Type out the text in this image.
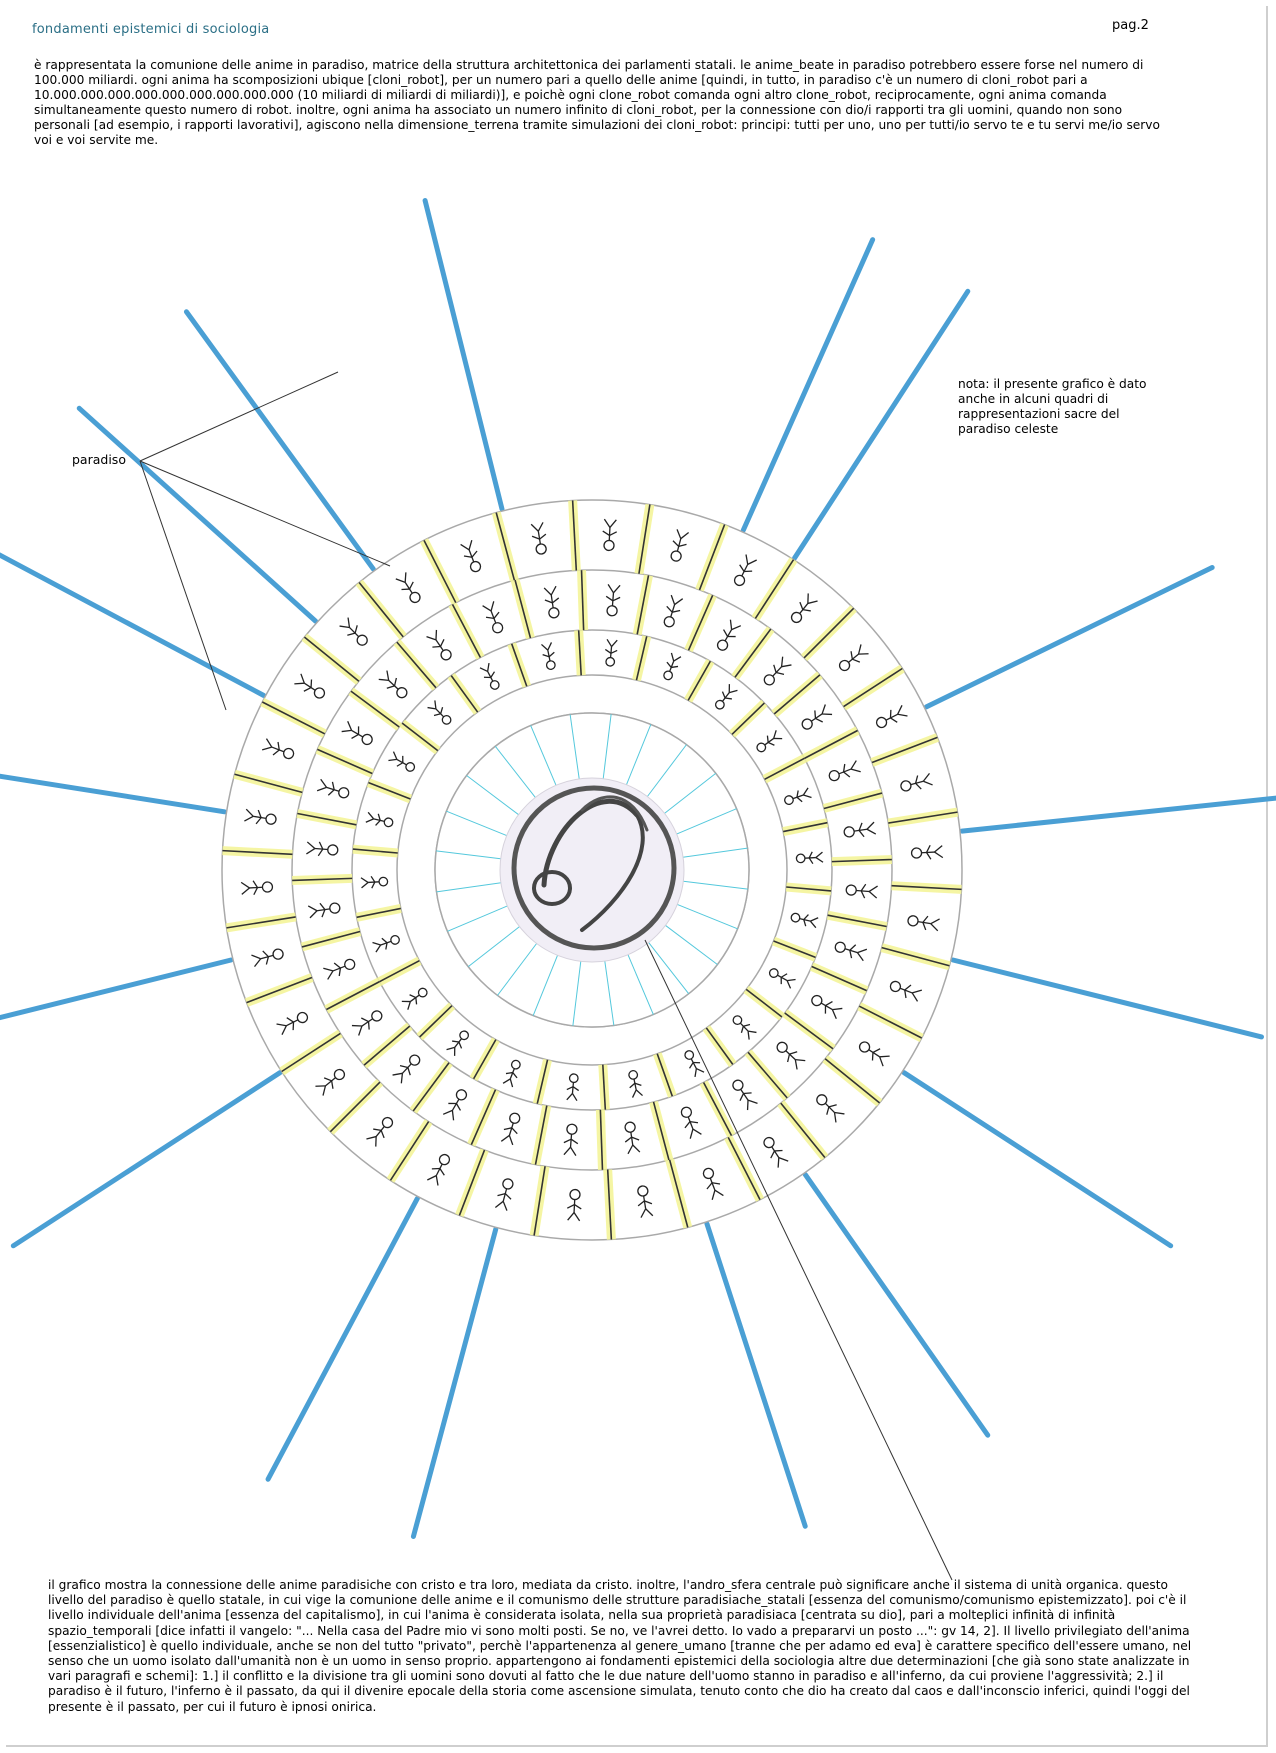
fondamenti epistemici di sociologia	pag.2

è rappresentata la comunione delle anime in paradiso, matrice della struttura architettonica dei parlamenti statali. le anime_beate in paradiso potrebbero essere forse nel numero di 100.000 miliardi. ogni anima ha scomposizioni ubique [cloni_robot], per un numero pari a quello delle anime [quindi, in tutto, in paradiso c'è un numero di cloni_robot pari a 10.000.000.000.000.000.000.000.000.000 (10 miliardi di miliardi di miliardi)], e poichè ogni clone_robot comanda ogni altro clone_robot, reciprocamente, ogni anima comanda simultaneamente questo numero di robot. inoltre, ogni anima ha associato un numero infinito di cloni_robot, per la connessione con dio/i rapporti tra gli uomini, quando non sono personali [ad esempio, i rapporti lavorativi], agiscono nella dimensione_terrena tramite simulazioni dei cloni_robot: principi: tutti per uno, uno per tutti/io servo te e tu servi me/io servo voi e voi servite me.

nota: il presente grafico è dato anche in alcuni quadri di rappresentazioni sacre del paradiso celeste

paradiso

il grafico mostra la connessione delle anime paradisiche con cristo e tra loro, mediata da cristo. inoltre, l'andro_sfera centrale può significare anche il sistema di unità organica. questo livello del paradiso è quello statale, in cui vige la comunione delle anime e il comunismo delle strutture paradisiache_statali [essenza del comunismo/comunismo epistemizzato]. poi c'è il livello individuale dell'anima [essenza del capitalismo], in cui l'anima è considerata isolata, nella sua proprietà paradisiaca [centrata su dio], pari a molteplici infinità di infinità spazio_temporali [dice infatti il vangelo: "... Nella casa del Padre mio vi sono molti posti. Se no, ve l'avrei detto. Io vado a prepararvi un posto ...": gv 14, 2]. Il livello privilegiato dell'anima [essenzialistico] è quello individuale, anche se non del tutto "privato", perchè l'appartenenza al genere_umano [tranne che per adamo ed eva] è carattere specifico dell'essere umano, nel senso che un uomo isolato dall'umanità non è un uomo in senso proprio. appartengono ai fondamenti epistemici della sociologia altre due determinazioni [che già sono state analizzate in vari paragrafi e schemi]: 1.] il conflitto e la divisione tra gli uomini sono dovuti al fatto che le due nature dell'uomo stanno in paradiso e all'inferno, da cui proviene l'aggressività; 2.] il paradiso è il futuro, l'inferno è il passato, da qui il divenire epocale della storia come ascensione simulata, tenuto conto che dio ha creato dal caos e dall'inconscio inferici, quindi l'oggi del presente è il passato, per cui il futuro è ipnosi onirica.
